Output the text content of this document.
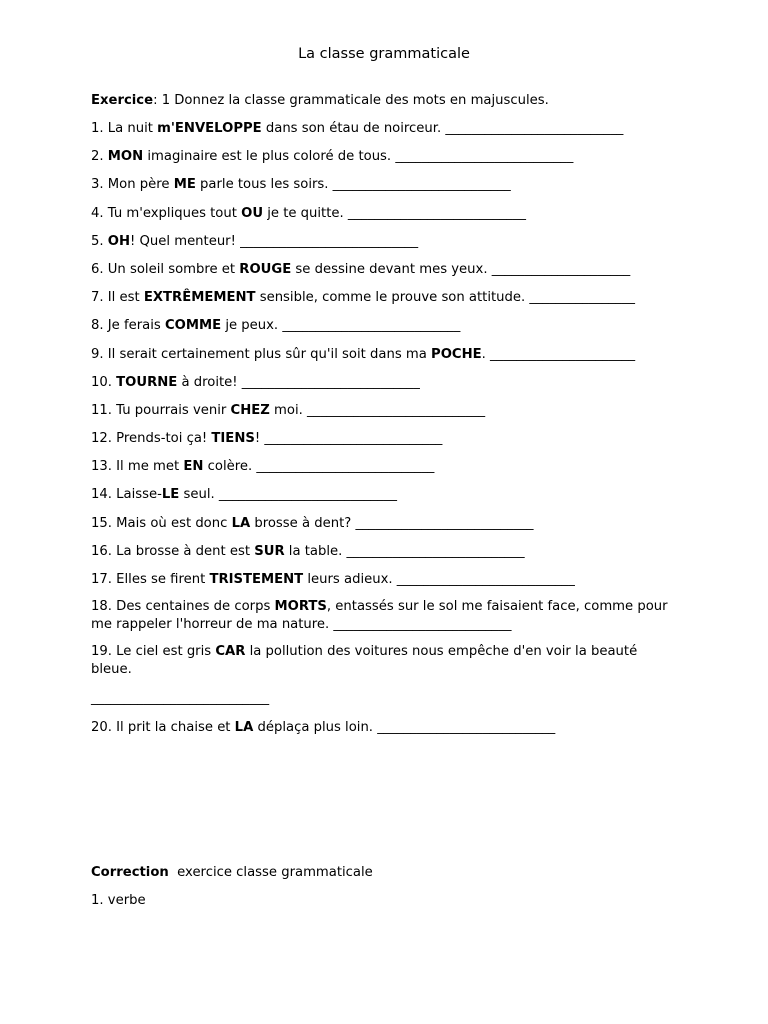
La classe grammaticale

Exercice: 1 Donnez la classe grammaticale des mots en majuscules.

1. La nuit m'ENVELOPPE dans son étau de noirceur. ___________________________

2. MON imaginaire est le plus coloré de tous. ___________________________

3. Mon père ME parle tous les soirs. ___________________________

4. Tu m'expliques tout OU je te quitte. ___________________________

5. OH! Quel menteur! ___________________________

6. Un soleil sombre et ROUGE se dessine devant mes yeux. _____________________

7. Il est EXTRÊMEMENT sensible, comme le prouve son attitude. ________________

8. Je ferais COMME je peux. ___________________________

9. Il serait certainement plus sûr qu'il soit dans ma POCHE. ______________________

10. TOURNE à droite! ___________________________

11. Tu pourrais venir CHEZ moi. ___________________________

12. Prends-toi ça! TIENS! ___________________________

13. Il me met EN colère. ___________________________

14. Laisse-LE seul. ___________________________

15. Mais où est donc LA brosse à dent? ___________________________

16. La brosse à dent est SUR la table. ___________________________

17. Elles se firent TRISTEMENT leurs adieux. ___________________________

18. Des centaines de corps MORTS, entassés sur le sol me faisaient face, comme pour me rappeler l'horreur de ma nature. ___________________________

19. Le ciel est gris CAR la pollution des voitures nous empêche d'en voir la beauté bleue.

___________________________

20. Il prit la chaise et LA déplaça plus loin. ___________________________

Correction  exercice classe grammaticale

1. verbe
